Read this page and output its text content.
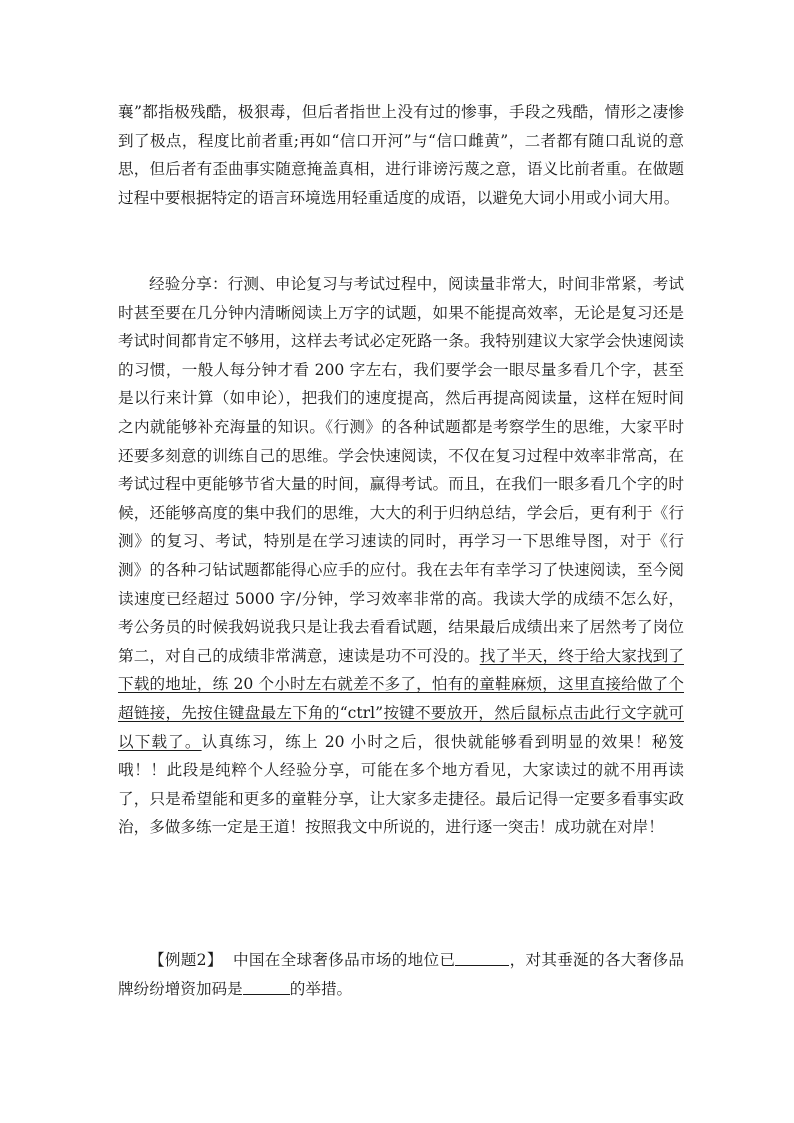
襄”都指极残酷，极狠毒，但后者指世上没有过的惨事，手段之残酷，情形之凄惨到了极点，程度比前者重;再如“信口开河”与“信口雌黄”，二者都有随口乱说的意思，但后者有歪曲事实随意掩盖真相，进行诽谤污蔑之意，语义比前者重。在做题过程中要根据特定的语言环境选用轻重适度的成语，以避免大词小用或小词大用。

经验分享：行测、申论复习与考试过程中，阅读量非常大，时间非常紧，考试时甚至要在几分钟内清晰阅读上万字的试题，如果不能提高效率，无论是复习还是考试时间都肯定不够用，这样去考试必定死路一条。我特别建议大家学会快速阅读的习惯，一般人每分钟才看 200 字左右，我们要学会一眼尽量多看几个字，甚至是以行来计算（如申论），把我们的速度提高，然后再提高阅读量，这样在短时间之内就能够补充海量的知识。《行测》的各种试题都是考察学生的思维，大家平时还要多刻意的训练自己的思维。学会快速阅读，不仅在复习过程中效率非常高，在考试过程中更能够节省大量的时间，赢得考试。而且，在我们一眼多看几个字的时候，还能够高度的集中我们的思维，大大的利于归纳总结，学会后，更有利于《行测》的复习、考试，特别是在学习速读的同时，再学习一下思维导图，对于《行测》的各种刁钻试题都能得心应手的应付。我在去年有幸学习了快速阅读，至今阅读速度已经超过 5000 字/分钟，学习效率非常的高。我读大学的成绩不怎么好，考公务员的时候我妈说我只是让我去看看试题，结果最后成绩出来了居然考了岗位第二，对自己的成绩非常满意，速读是功不可没的。找了半天，终于给大家找到了下载的地址，练 20 个小时左右就差不多了，怕有的童鞋麻烦，这里直接给做了个超链接，先按住键盘最左下角的“ctrl”按键不要放开，然后鼠标点击此行文字就可以下载了。认真练习，练上 20 小时之后，很快就能够看到明显的效果！秘笈哦！！此段是纯粹个人经验分享，可能在多个地方看见，大家读过的就不用再读了，只是希望能和更多的童鞋分享，让大家多走捷径。最后记得一定要多看事实政治，多做多练一定是王道！按照我文中所说的，进行逐一突击！成功就在对岸！

【例题2】 中国在全球奢侈品市场的地位已	，对其垂涎的各大奢侈品牌纷纷增资加码是	的举措。
